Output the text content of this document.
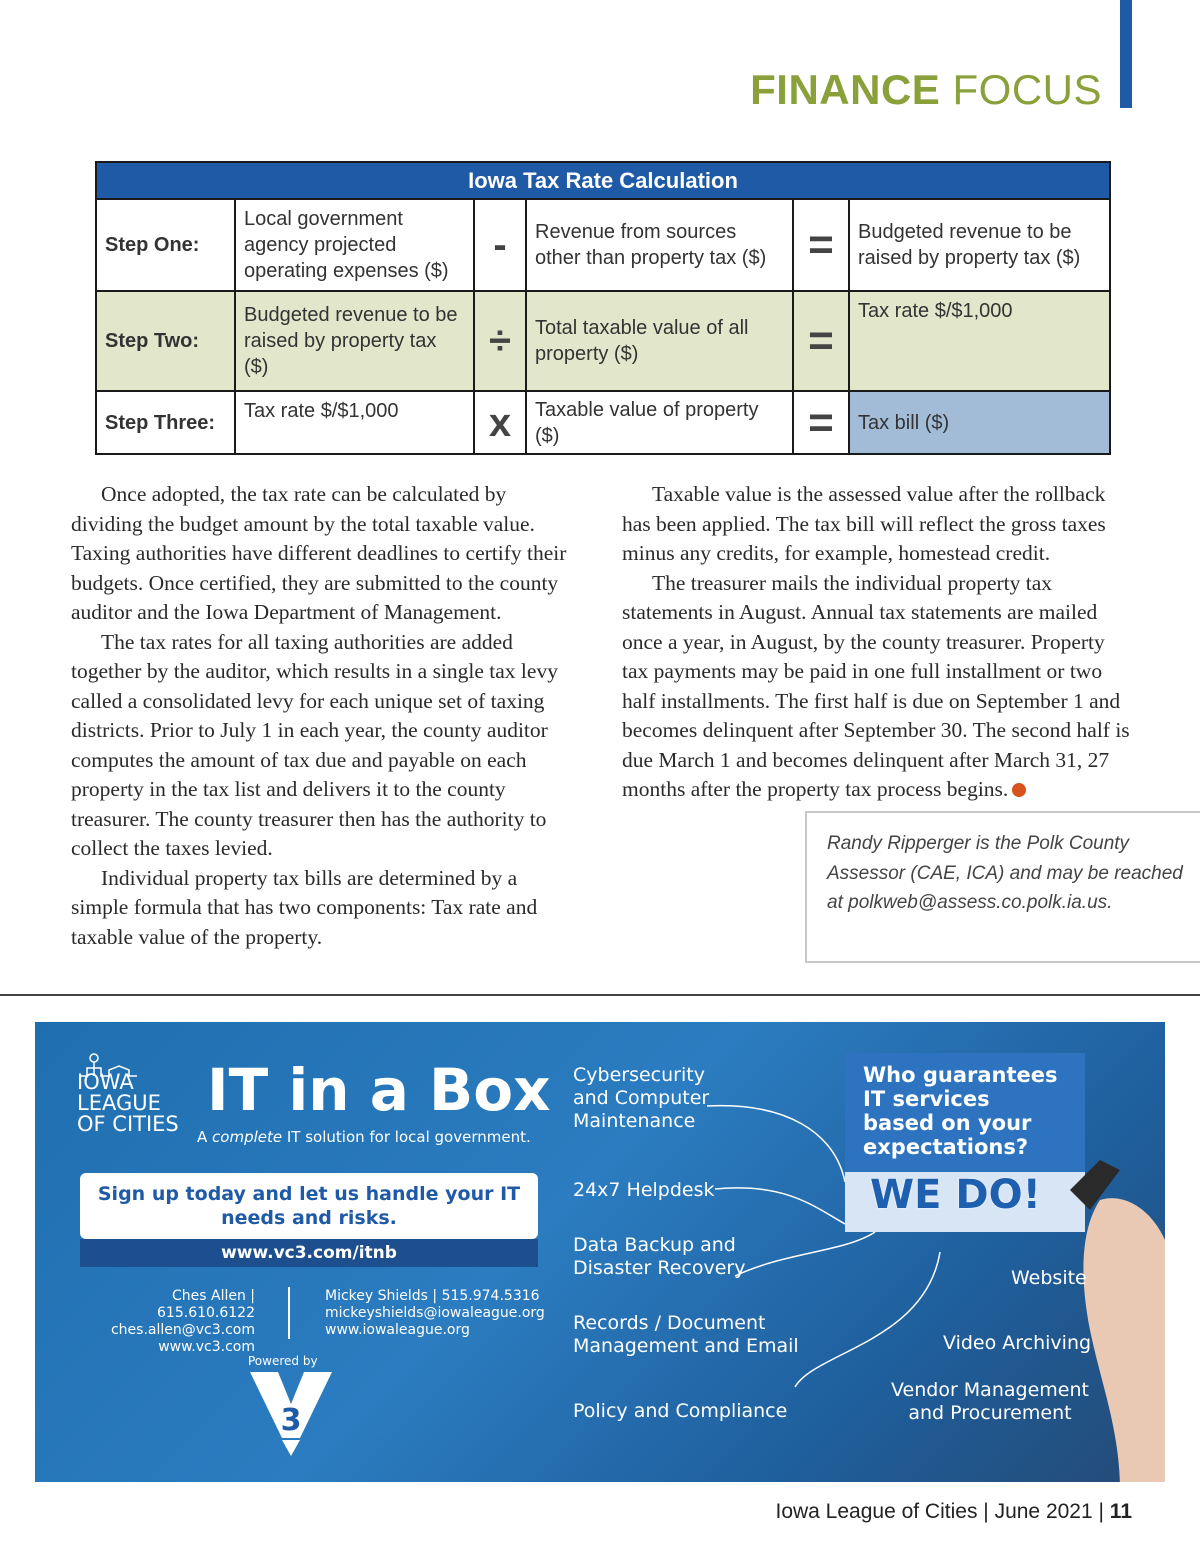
FINANCE FOCUS
Iowa Tax Rate Calculation					
Step One:	Local government agency projected operating expenses ($)	-	Revenue from sources other than property tax ($)	=	Budgeted revenue to be raised by property tax ($)
Step Two:	Budgeted revenue to be raised by property tax ($)	÷	Total taxable value of all property ($)	=	Tax rate $/$1,000
Step Three:	Tax rate $/$1,000	x	Taxable value of property ($)	=	Tax bill ($)

Once adopted, the tax rate can be calculated by dividing the budget amount by the total taxable value. Taxing authorities have different deadlines to certify their budgets. Once certified, they are submitted to the county auditor and the Iowa Department of Management.

The tax rates for all taxing authorities are added together by the auditor, which results in a single tax levy called a consolidated levy for each unique set of taxing districts. Prior to July 1 in each year, the county auditor computes the amount of tax due and payable on each property in the tax list and delivers it to the county treasurer. The county treasurer then has the authority to collect the taxes levied.

Individual property tax bills are determined by a simple formula that has two components: Tax rate and taxable value of the property.

Taxable value is the assessed value after the rollback has been applied. The tax bill will reflect the gross taxes minus any credits, for example, homestead credit.

The treasurer mails the individual property tax statements in August. Annual tax statements are mailed once a year, in August, by the county treasurer. Property tax payments may be paid in one full installment or two half installments. The first half is due on September 1 and becomes delinquent after September 30. The second half is due March 1 and becomes delinquent after March 31, 27 months after the property tax process begins.

Randy Ripperger is the Polk County Assessor (CAE, ICA) and may be reached at polkweb@assess.co.polk.ia.us.
IOWA
LEAGUE
OF CITIES IT in a Box
A complete IT solution for local government.
Sign up today and let us handle your IT needs and risks.
www.vc3.com/itnb
Ches Allen | 615.610.6122
ches.allen@vc3.com
www.vc3.com
Mickey Shields | 515.974.5316
mickeyshields@iowaleague.org
www.iowaleague.org
Powered by
3
Cybersecurity
and Computer
Maintenance
24x7 Helpdesk
Data Backup and
Disaster Recovery
Records / Document
Management and Email
Policy and Compliance
Who guarantees
IT services
based on your
expectations?
WE DO!
Website
Video Archiving
Vendor Management
and Procurement
Iowa League of Cities | June 2021 | 11
